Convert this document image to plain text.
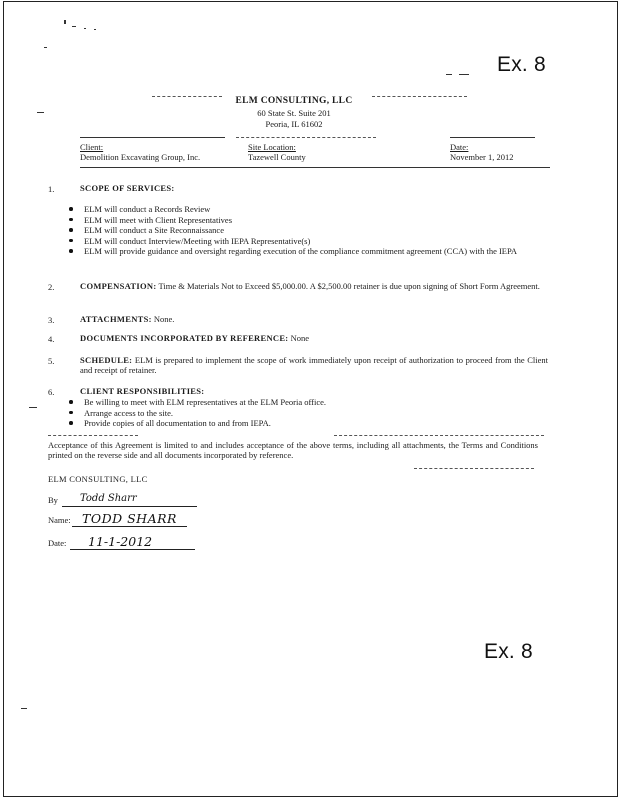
Ex. 8
Ex. 8
ELM CONSULTING, LLC
60 State St. Suite 201
Peoria, IL 61602
Client:
Demolition Excavating Group, Inc.
Site Location:
Tazewell County
Date:
November 1, 2012
1.	SCOPE OF SERVICES:
ELM will conduct a Records Review
ELM will meet with Client Representatives
ELM will conduct a Site Reconnaissance
ELM will conduct Interview/Meeting with IEPA Representative(s)
ELM will provide guidance and oversight regarding execution of the compliance commitment agreement (CCA) with the IEPA
2.	COMPENSATION: Time & Materials Not to Exceed $5,000.00. A $2,500.00 retainer is due upon signing of Short Form Agreement.
3.	ATTACHMENTS: None.
4.	DOCUMENTS INCORPORATED BY REFERENCE: None
5.	SCHEDULE: ELM is prepared to implement the scope of work immediately upon receipt of authorization to proceed from the Client and receipt of retainer.
6.	CLIENT RESPONSIBILITIES:
Be willing to meet with ELM representatives at the ELM Peoria office.
Arrange access to the site.
Provide copies of all documentation to and from IEPA.
Acceptance of this Agreement is limited to and includes acceptance of the above terms, including all attachments, the Terms and Conditions printed on the reverse side and all documents incorporated by reference.
ELM CONSULTING, LLC
By Todd Sharr
Name: TODD SHARR
Date: 11-1-2012
